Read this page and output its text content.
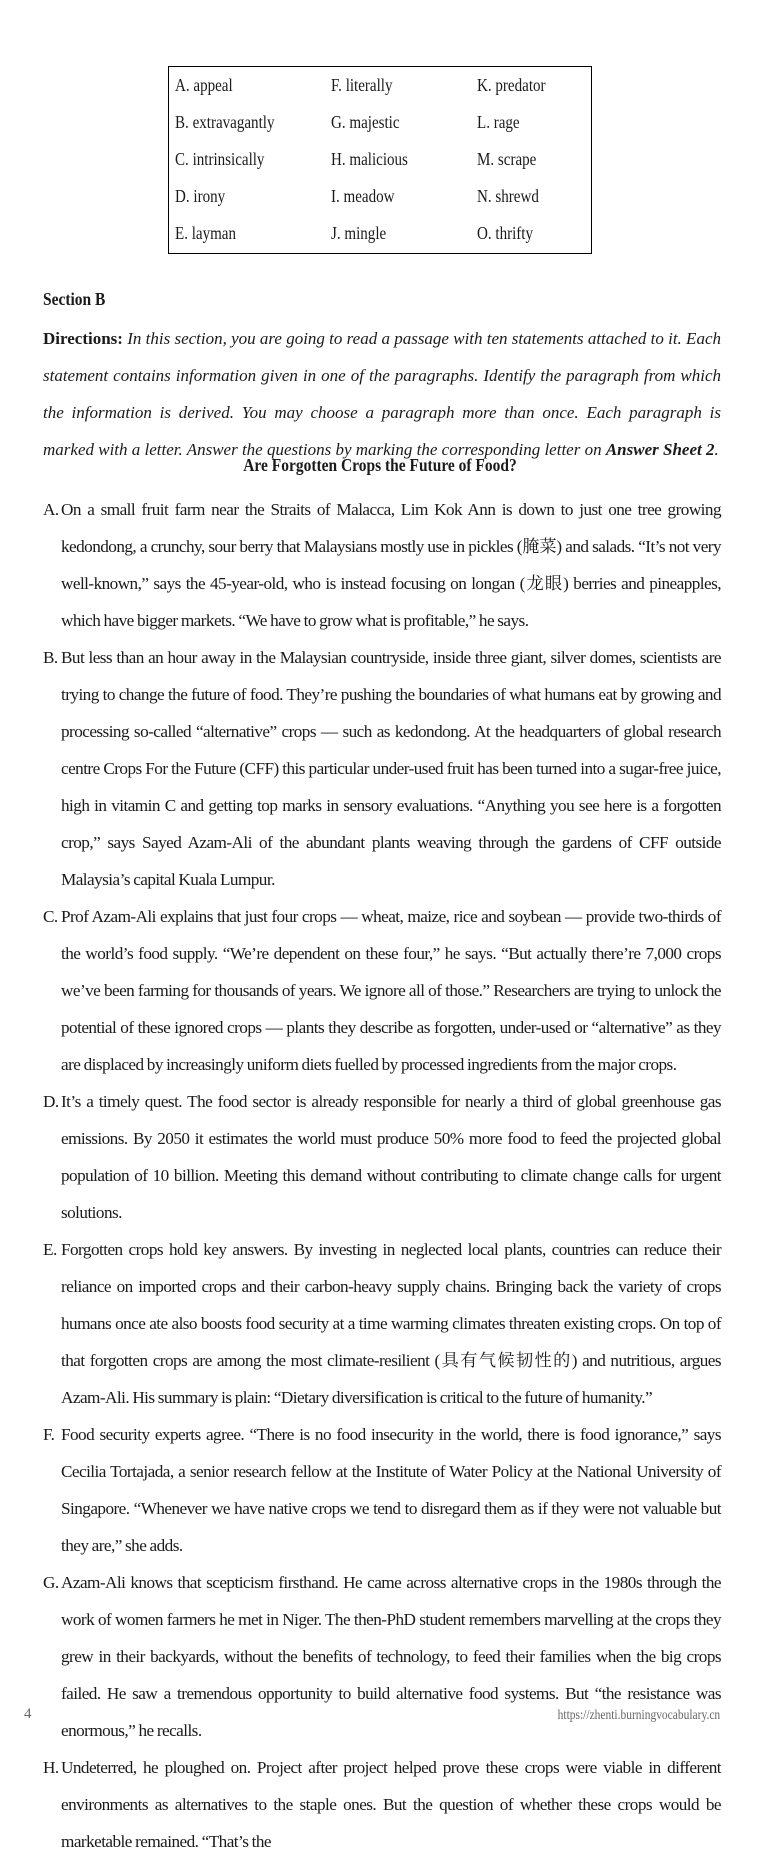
A. appeal
B. extravagantly
C. intrinsically
D. irony
E. layman
F. literally
G. majestic
H. malicious
I. meadow
J. mingle
K. predator
L. rage
M. scrape
N. shrewd
O. thrifty
Section B
Directions: In this section, you are going to read a passage with ten statements attached to it. Each statement contains information given in one of the paragraphs. Identify the paragraph from which the information is derived. You may choose a paragraph more than once. Each paragraph is marked with a letter. Answer the questions by marking the corresponding letter on Answer Sheet 2.
Are Forgotten Crops the Future of Food?
A. On a small fruit farm near the Straits of Malacca, Lim Kok Ann is down to just one tree growing kedondong, a crunchy, sour berry that Malaysians mostly use in pickles (腌菜) and salads. “It’s not very well-known,” says the 45-year-old, who is instead focusing on longan (龙眼) berries and pineapples, which have bigger markets. “We have to grow what is profitable,” he says.
B. But less than an hour away in the Malaysian countryside, inside three giant, silver domes, scientists are trying to change the future of food. They’re pushing the boundaries of what humans eat by growing and processing so-called “alternative” crops — such as kedondong. At the headquarters of global research centre Crops For the Future (CFF) this particular under-used fruit has been turned into a sugar-free juice, high in vitamin C and getting top marks in sensory evaluations. “Anything you see here is a forgotten crop,” says Sayed Azam-Ali of the abundant plants weaving through the gardens of CFF outside Malaysia’s capital Kuala Lumpur.
C. Prof Azam-Ali explains that just four crops — wheat, maize, rice and soybean — provide two-thirds of the world’s food supply. “We’re dependent on these four,” he says. “But actually there’re 7,000 crops we’ve been farming for thousands of years. We ignore all of those.” Researchers are trying to unlock the potential of these ignored crops — plants they describe as forgotten, under-used or “alternative” as they are displaced by increasingly uniform diets fuelled by processed ingredients from the major crops.
D. It’s a timely quest. The food sector is already responsible for nearly a third of global greenhouse gas emissions. By 2050 it estimates the world must produce 50% more food to feed the projected global population of 10 billion. Meeting this demand without contributing to climate change calls for urgent solutions.
E. Forgotten crops hold key answers. By investing in neglected local plants, countries can reduce their reliance on imported crops and their carbon-heavy supply chains. Bringing back the variety of crops humans once ate also boosts food security at a time warming climates threaten existing crops. On top of that forgotten crops are among the most climate-resilient (具有气候韧性的) and nutritious, argues Azam-Ali. His summary is plain: “Dietary diversification is critical to the future of humanity.”
F. Food security experts agree. “There is no food insecurity in the world, there is food ignorance,” says Cecilia Tortajada, a senior research fellow at the Institute of Water Policy at the National University of Singapore. “Whenever we have native crops we tend to disregard them as if they were not valuable but they are,” she adds.
G. Azam-Ali knows that scepticism firsthand. He came across alternative crops in the 1980s through the work of women farmers he met in Niger. The then-PhD student remembers marvelling at the crops they grew in their backyards, without the benefits of technology, to feed their families when the big crops failed. He saw a tremendous opportunity to build alternative food systems. But “the resistance was enormous,” he recalls.
H. Undeterred, he ploughed on. Project after project helped prove these crops were viable in different environments as alternatives to the staple ones. But the question of whether these crops would be marketable remained. “That’s the
4	https://zhenti.burningvocabulary.cn
